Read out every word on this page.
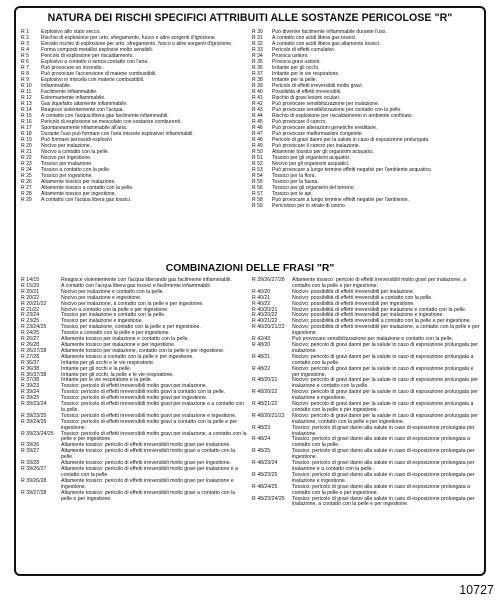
NATURA DEI RISCHI SPECIFICI ATTRIBUITI ALLE SOSTANZE PERICOLOSE "R"
R 1	Esplosivo allo stato secco.
R 2	Rischio di esplosione per urto, sfregamento, fuoco o altre sorgenti d'ignizione.
R 3	Elevato rischio di esplosione per urto, sfregamento, fuoco o altre sorgenti d'ignizione.
R 4	Forma composti metallici esplosivi molto sensibili.
R 5	Pericolo di esplosione per riscaldamento.
R 6	Esplosivo a contatto o senza contatto con l'aria.
R 7	Può provocare un incendio.
R 8	Può provocare l'accensione di materie combustibili.
R 9	Esplosivo in miscela con materie combustibili.
R 10	Infiammabile.
R 11	Facilmente infiammabile.
R 12	Estremamente infiammabile.
R 13	Gas liquefatto altamente infiammabile.
R 14	Reagisce violentemente con l'acqua.
R 15	A contatto con l'acqua libera gas facilmente infiammabili.
R 16	Pericolo di esplosione se mescolato con sostanze comburenti.
R 17	Spontaneamente infiammabile all'aria.
R 18	Durante l'uso può formare con l'aria miscele esplosive/ infiammabili.
R 19	Può formare perossidi esplosivi
R 20	Nocivo per inalazione.
R 21	Nocivo a contatto con la pelle.
R 22	Nocivo per ingestione.
R 23	Tossico per inalazione.
R 24	Tossico a contatto con la pelle.
R 25	Tossico per ingestione.
R 26	Altamente tossico per inalazione.
R 27	Altamente tossico a contatto con la pelle.
R 28	Altamente tossico per ingestione.
R 29	A contatto con l'acqua libera gas tossici.
R 30	Può divenire facilmente infiammabile durante l'uso.
R 31	A contatto con acidi libera gas tossici.
R 32	A contatto con acidi libera gas altamente tossici.
R 33	Pericolo di effetti cumulativi.
R 34	Provoca ustioni.
R 35	Provoca gravi ustioni.
R 36	Irritante per gli occhi.
R 37	Irritante per le vie respiratorie.
R 38	Irritante per la pelle.
R 39	Pericolo di effetti irreversibili molto gravi.
R 40	Possibilità di effetti irreversibili.
R 41	Rischio di gravi lesioni oculari.
R 42	Può provocare sensibilizzazione per inalazione.
R 43	Può provocare sensibilizzazione per contatto con la pelle.
R 44	Rischio di esplosione per riscaldamento in ambiente confinato.
R 45	Può provocare il cancro.
R 46	Può provocare alterazioni genetiche ereditarie.
R 47	Può provocare malformazioni congenite.
R 48	Pericolo di gravi danni per la salute in caso di esposizione prolungata.
R 49	Può provocare il cancro per inalazione.
R 50	Altamente tossico per gli organismi acquatici.
R 51	Tossico per gli organismi acquatici.
R 52	Nocivo per gli organismi acquatici.
R 53	Può provocare a lungo termine effetti negativi per l'ambiente acquatico.
R 54	Tossico per la flora.
R 55	Tossico per la fauna.
R 56	Tossico per gli organismi del terreno.
R 57	Tossico per le api.
R 58	Può provocare a lungo termine effetti negativi per l'ambiente.
R 59	Pericoloso per lo strato di ozono.
COMBINAZIONI DELLE FRASI "R"
R 14/15	Reagisce violentemente con l'acqua liberando gas facilmente infiammabili.
R 15/29	A contatto con l'acqua libera gas tossici e facilmente infiammabili.
R 20/21	Nocivo per inalazione e contatto con la pelle.
R 20/22	Nocivo per inalazione e ingestione.
R 20/21/22	Nocivo per inalazione, a contatto con la pelle e per ingestione.
R 21/22	Nocivo a contatto con la pelle e per ingestione.
R 23/24	Tossico per inalazione e contatto con la pelle.
R 23/25	Tossico per inalazione e ingestione.
R 23/24/25	Tossico per inalazione, contatto con la pelle e per ingestione.
R 24/25	Tossico a contatto con la pelle e per ingestione.
R 26/27	Altamente tossico per inalazione e contatto con la pelle.
R 26/28	Altamente tossico per inalazione e per ingestione.
R 26/27/28	Altamente tossico per inalazione, contatto con la pelle e per ingestione.
R 27/28	Altamente tossico a contatto con la pelle e per ingestione.
R 36/37	Irritante per gli occhi e le vie respiratorie.
R 36/38	Irritante per gli occhi e la pelle.
R 36/37/38	Irritante per gli occhi, la pelle e le vie respiratorie.
R 37/38	Irritante per le vie respiratorie e la pelle.
R 39/23	Tossico: pericolo di effetti irreversibili molto gravi per inalazione.
R 39/24	Tossico: pericolo di effetti irreversibili molto gravi a contatto con la pelle.
R 39/25	Tossico: pericolo di effetti irreversibili molto gravi per ingestione.
R 39/23/24	Tossico: pericolo di effetti irreversibili molto gravi per inalazione e a contatto con la pelle.
R 39/23/25	Tossico: pericolo di effetti irreversibili molto gravi per inalazione e ingestione.
R 39/24/25	Tossico: pericolo di effetti irreversibili molto gravi a contatto con la pelle e per ingestione.
R 39/23/24/25	Tossico: pericolo di effetti irreversibili molto gravi per inalazione, a contatto con la pelle e per ingestione.
R 39/26	Altamente tossico: pericolo di effetti irreversibili molto gravi per inalazione.
R 39/27	Altamente tossico: pericolo di effetti irreversibili molto gravi a contatto con la pelle.
R 39/28	Altamente tossico: pericolo di effetti irreversibili molto gravi per ingestione.
R 39/26/27	Altamente tossico: pericolo di effetti irreversibili molto gravi per inalazione e a contatto con la pelle.
R 39/26/28	Altamente tossico: pericolo di effetti irreversibili molto gravi per inalazione e ingestione.
R 39/27/28	Altamente tossico: pericolo di effetti irreversibili molto gravi a contatto con la pelle e per ingestione.
R 39/26/27/28	Altamente tossico: pericolo di effetti irreversibili molto gravi per inalazione, a contatto con la pelle e per ingestione.
R 40/20	Nocivo: possibilità di effetti irreversibili per inalazione.
R 40/21	Nocivo: possibilità di effetti irreversibili a contatto con la pelle.
R 40/22	Nocivo: possibilità di effetti irreversibili per ingestione.
R 40/20/21	Nocivo: possibilità di effetti irreversibili per inalazione e contatto con la pelle.
R 40/20/22	Nocivo: possibilità di effetti irreversibili per inalazione e ingestione.
R 40/21/22	Nocivo: possibilità di effetti irreversibili a contatto con la pelle e per ingestione.
R 40/20/21/22	Nocivo: possibilità di effetti irreversibili per inalazione, a contatto con la pelle e per ingestione.
R 42/43	Può provocare sensibilizzazione per inalazione e contatto con la pelle.
R 48/20	Nocivo: pericolo di gravi danni per la salute in caso di esposizione prolungata per inalazione.
R 48/21	Nocivo: pericolo di gravi danni per la salute in caso di esposizione prolungata a contatto con la pelle.
R 48/22	Nocivo: pericolo di gravi danni per la salute in caso di esposizione prolungata e per ingestione.
R 48/20/21	Nocivo: pericolo di gravi danni per la salute in caso di esposizione prolungata per inalazione e contatto con la pelle.
R 48/20/22	Nocivo: pericolo di gravi danni per la salute in caso di esposizione prolungata per inalazione e ingestione.
R 48/21/22	Nocivo: pericolo di gravi danni per la salute in caso di esposizione prolungata a contatto con la pelle e per ingestione.
R 48/20/21/22	Nocivo: pericolo di gravi danni per la salute in caso di esposizione prolungata per inalazione, contatto con la pelle e per ingestione.
R 48/23	Tossico: pericolo di gravi danni alla salute in caso di esposizione prolungata per inalazione.
R 48/24	Tossico: pericolo di gravi danni alla salute in caso di esposizione prolungata a contatto con la pelle.
R 48/25	Tossico: pericolo di gravi danni alla salute in caso di esposizione prolungata per ingestione.
R 48/23/24	Tossico: pericolo di gravi danni alla salute in caso di esposizione prolungata per inalazione e a contatto con la pelle.
R 48/23/25	Tossico: pericolo di gravi danni alla salute in caso di esposizione prolungata per inalazione e ingestione.
R 48/24/25	Tossico: pericolo di gravi danni alla salute in caso di esposizione prolungata a contatto con la pelle e per ingestione.
R 48/23/24/25	Tossico: pericolo di gravi danni alla salute in caso di esposizione prolungata per inalazione, a contatto con la pelle e per ingestione.
10727
